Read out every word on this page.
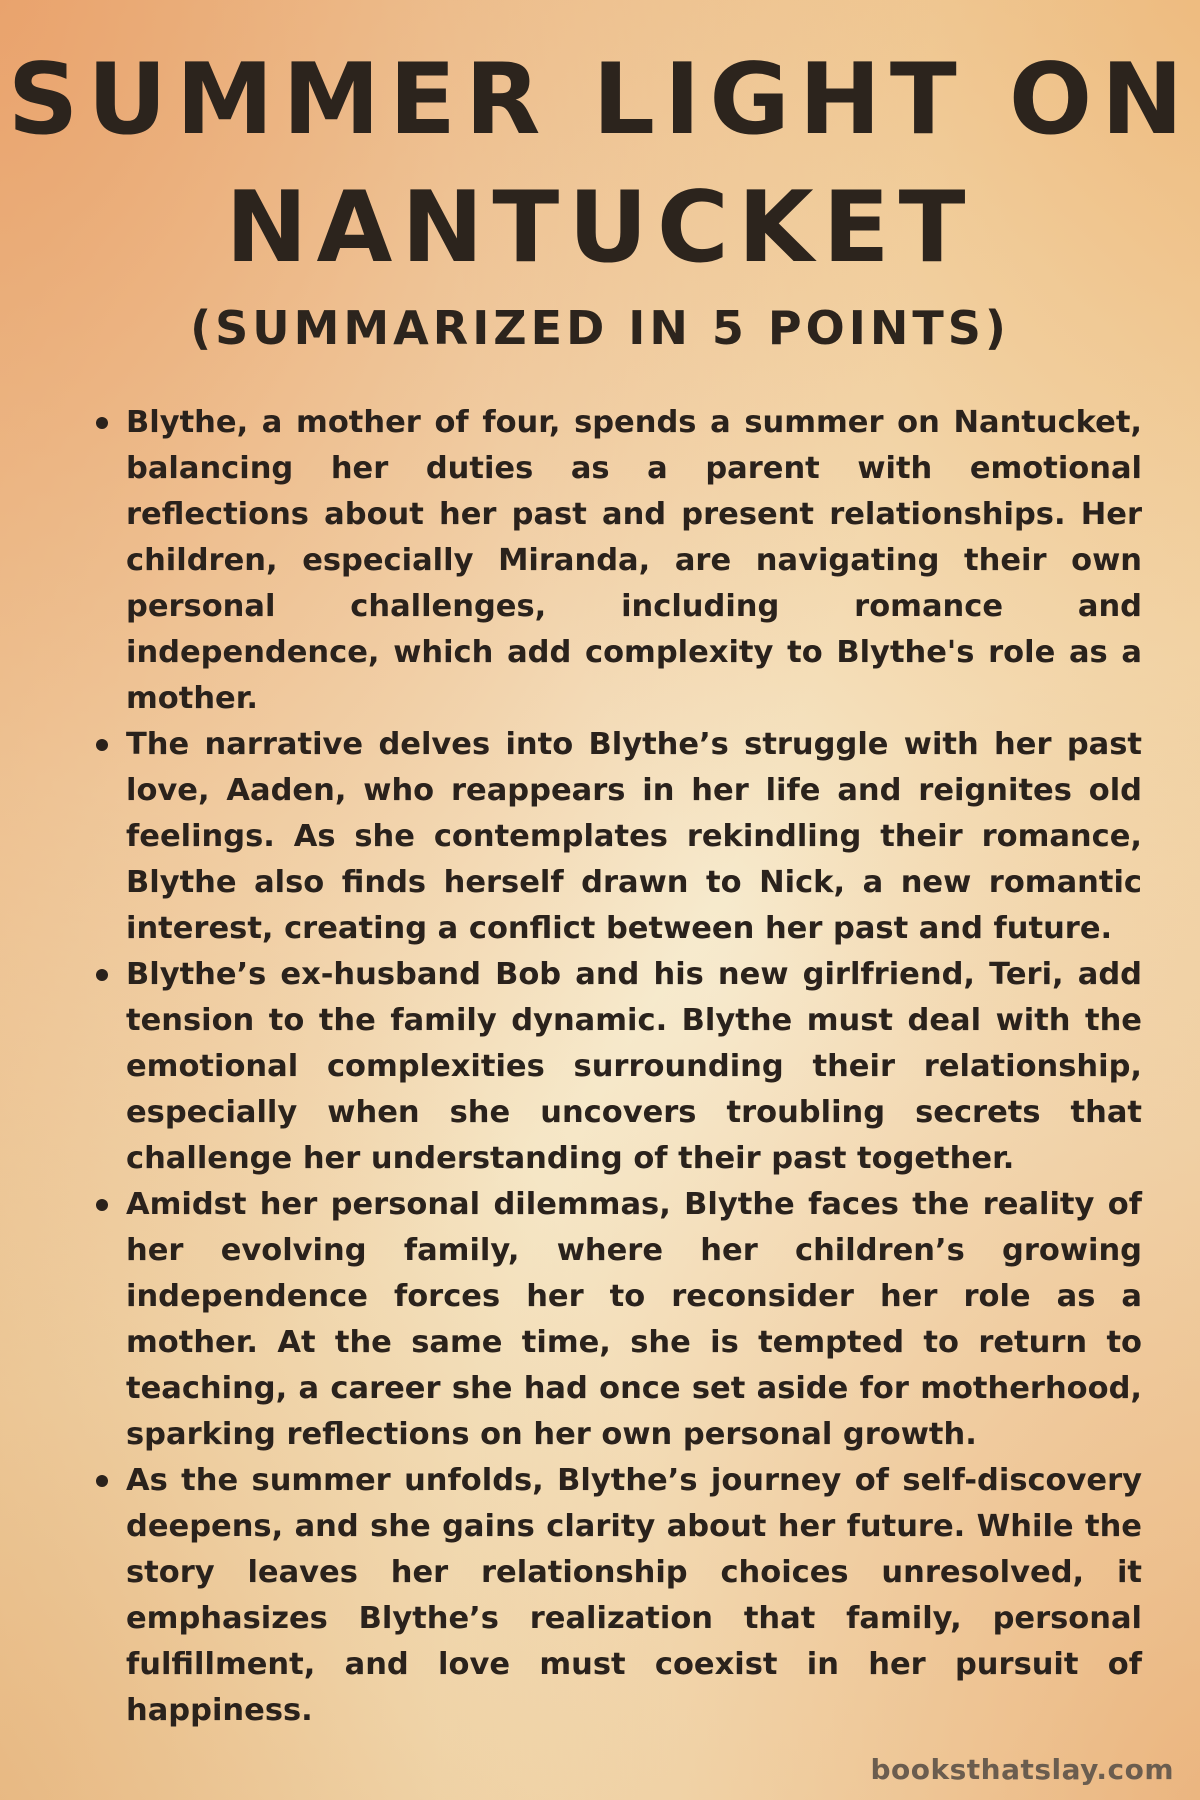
SUMMER LIGHT ON
NANTUCKET
(SUMMARIZED IN 5 POINTS)
Blythe, a mother of four, spends a summer on Nantucket, balancing her duties as a parent with emotional reflections about her past and present relationships. Her children, especially Miranda, are navigating their own personal challenges, including romance and independence, which add complexity to Blythe's role as a mother.
The narrative delves into Blythe’s struggle with her past love, Aaden, who reappears in her life and reignites old feelings. As she contemplates rekindling their romance, Blythe also finds herself drawn to Nick, a new romantic interest, creating a conflict between her past and future.
Blythe’s ex-husband Bob and his new girlfriend, Teri, add tension to the family dynamic. Blythe must deal with the emotional complexities surrounding their relationship, especially when she uncovers troubling secrets that challenge her understanding of their past together.
Amidst her personal dilemmas, Blythe faces the reality of her evolving family, where her children’s growing independence forces her to reconsider her role as a mother. At the same time, she is tempted to return to teaching, a career she had once set aside for motherhood, sparking reflections on her own personal growth.
As the summer unfolds, Blythe’s journey of self-discovery deepens, and she gains clarity about her future. While the story leaves her relationship choices unresolved, it emphasizes Blythe’s realization that family, personal fulfillment, and love must coexist in her pursuit of happiness.
booksthatslay.com
